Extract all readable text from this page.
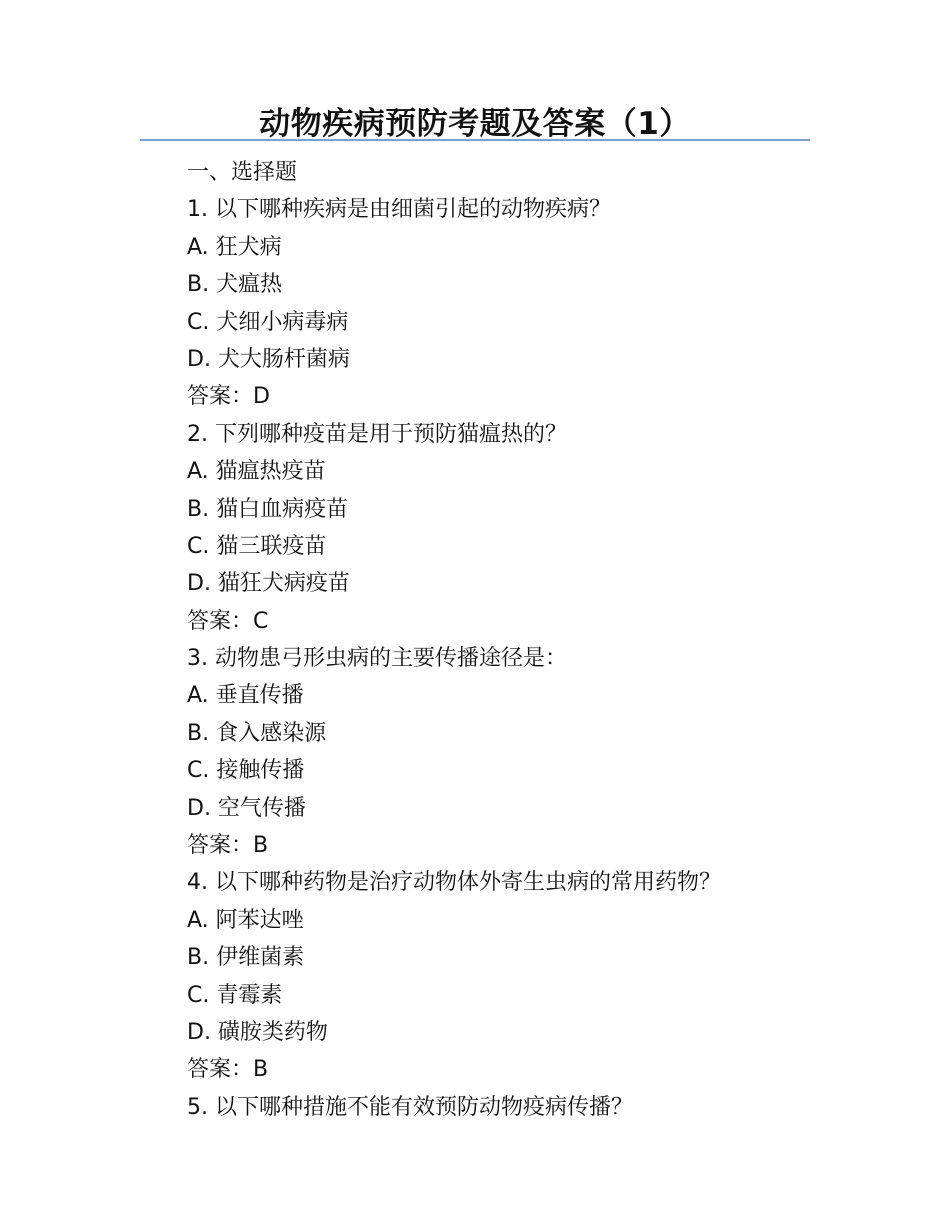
动物疾病预防考题及答案（1）
一、选择题
1. 以下哪种疾病是由细菌引起的动物疾病？
A. 狂犬病
B. 犬瘟热
C. 犬细小病毒病
D. 犬大肠杆菌病
答案：D
2. 下列哪种疫苗是用于预防猫瘟热的？
A. 猫瘟热疫苗
B. 猫白血病疫苗
C. 猫三联疫苗
D. 猫狂犬病疫苗
答案：C
3. 动物患弓形虫病的主要传播途径是：
A. 垂直传播
B. 食入感染源
C. 接触传播
D. 空气传播
答案：B
4. 以下哪种药物是治疗动物体外寄生虫病的常用药物？
A. 阿苯达唑
B. 伊维菌素
C. 青霉素
D. 磺胺类药物
答案：B
5. 以下哪种措施不能有效预防动物疫病传播？
